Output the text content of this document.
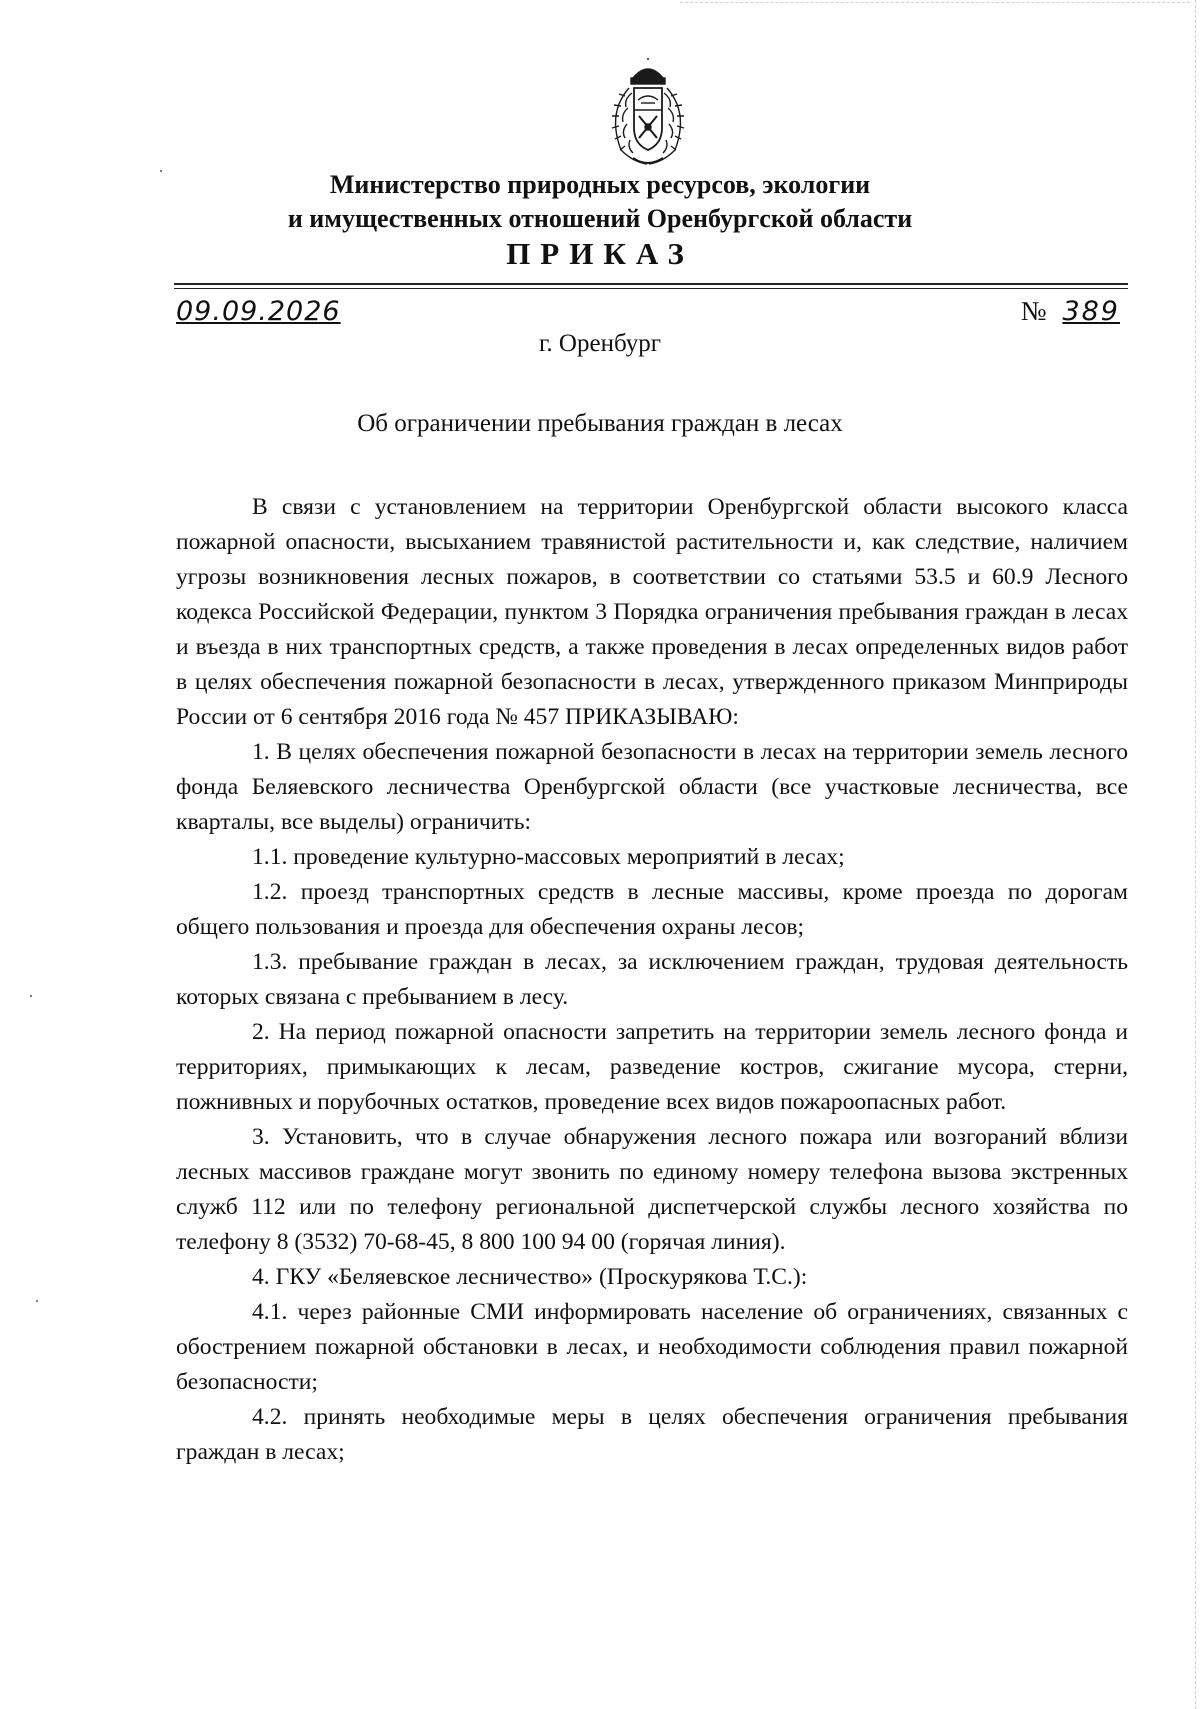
Министерство природных ресурсов, экологии
и имущественных отношений Оренбургской области
ПРИКАЗ
09.09.2026	№ 389
г. Оренбург
Об ограничении пребывания граждан в лесах

В связи с установлением на территории Оренбургской области высокого класса пожарной опасности, высыханием травянистой растительности и, как следствие, наличием угрозы возникновения лесных пожаров, в соответствии со статьями 53.5 и 60.9 Лесного кодекса Российской Федерации, пунктом 3 Порядка ограничения пребывания граждан в лесах и въезда в них транспортных средств, а также проведения в лесах определенных видов работ в целях обеспечения пожарной безопасности в лесах, утвержденного приказом Минприроды России от 6 сентября 2016 года № 457 ПРИКАЗЫВАЮ:

1. В целях обеспечения пожарной безопасности в лесах на территории земель лесного фонда Беляевского лесничества Оренбургской области (все участковые лесничества, все кварталы, все выделы) ограничить:

1.1. проведение культурно-массовых мероприятий в лесах;

1.2. проезд транспортных средств в лесные массивы, кроме проезда по дорогам общего пользования и проезда для обеспечения охраны лесов;

1.3. пребывание граждан в лесах, за исключением граждан, трудовая деятельность которых связана с пребыванием в лесу.

2. На период пожарной опасности запретить на территории земель лесного фонда и территориях, примыкающих к лесам, разведение костров, сжигание мусора, стерни, пожнивных и порубочных остатков, проведение всех видов пожароопасных работ.

3. Установить, что в случае обнаружения лесного пожара или возгораний вблизи лесных массивов граждане могут звонить по единому номеру телефона вызова экстренных служб 112 или по телефону региональной диспетчерской службы лесного хозяйства по телефону 8 (3532) 70-68-45, 8 800 100 94 00 (горячая линия).

4. ГКУ «Беляевское лесничество» (Проскурякова Т.С.):

4.1. через районные СМИ информировать население об ограничениях, связанных с обострением пожарной обстановки в лесах, и необходимости соблюдения правил пожарной безопасности;

4.2. принять необходимые меры в целях обеспечения ограничения пребывания граждан в лесах;
